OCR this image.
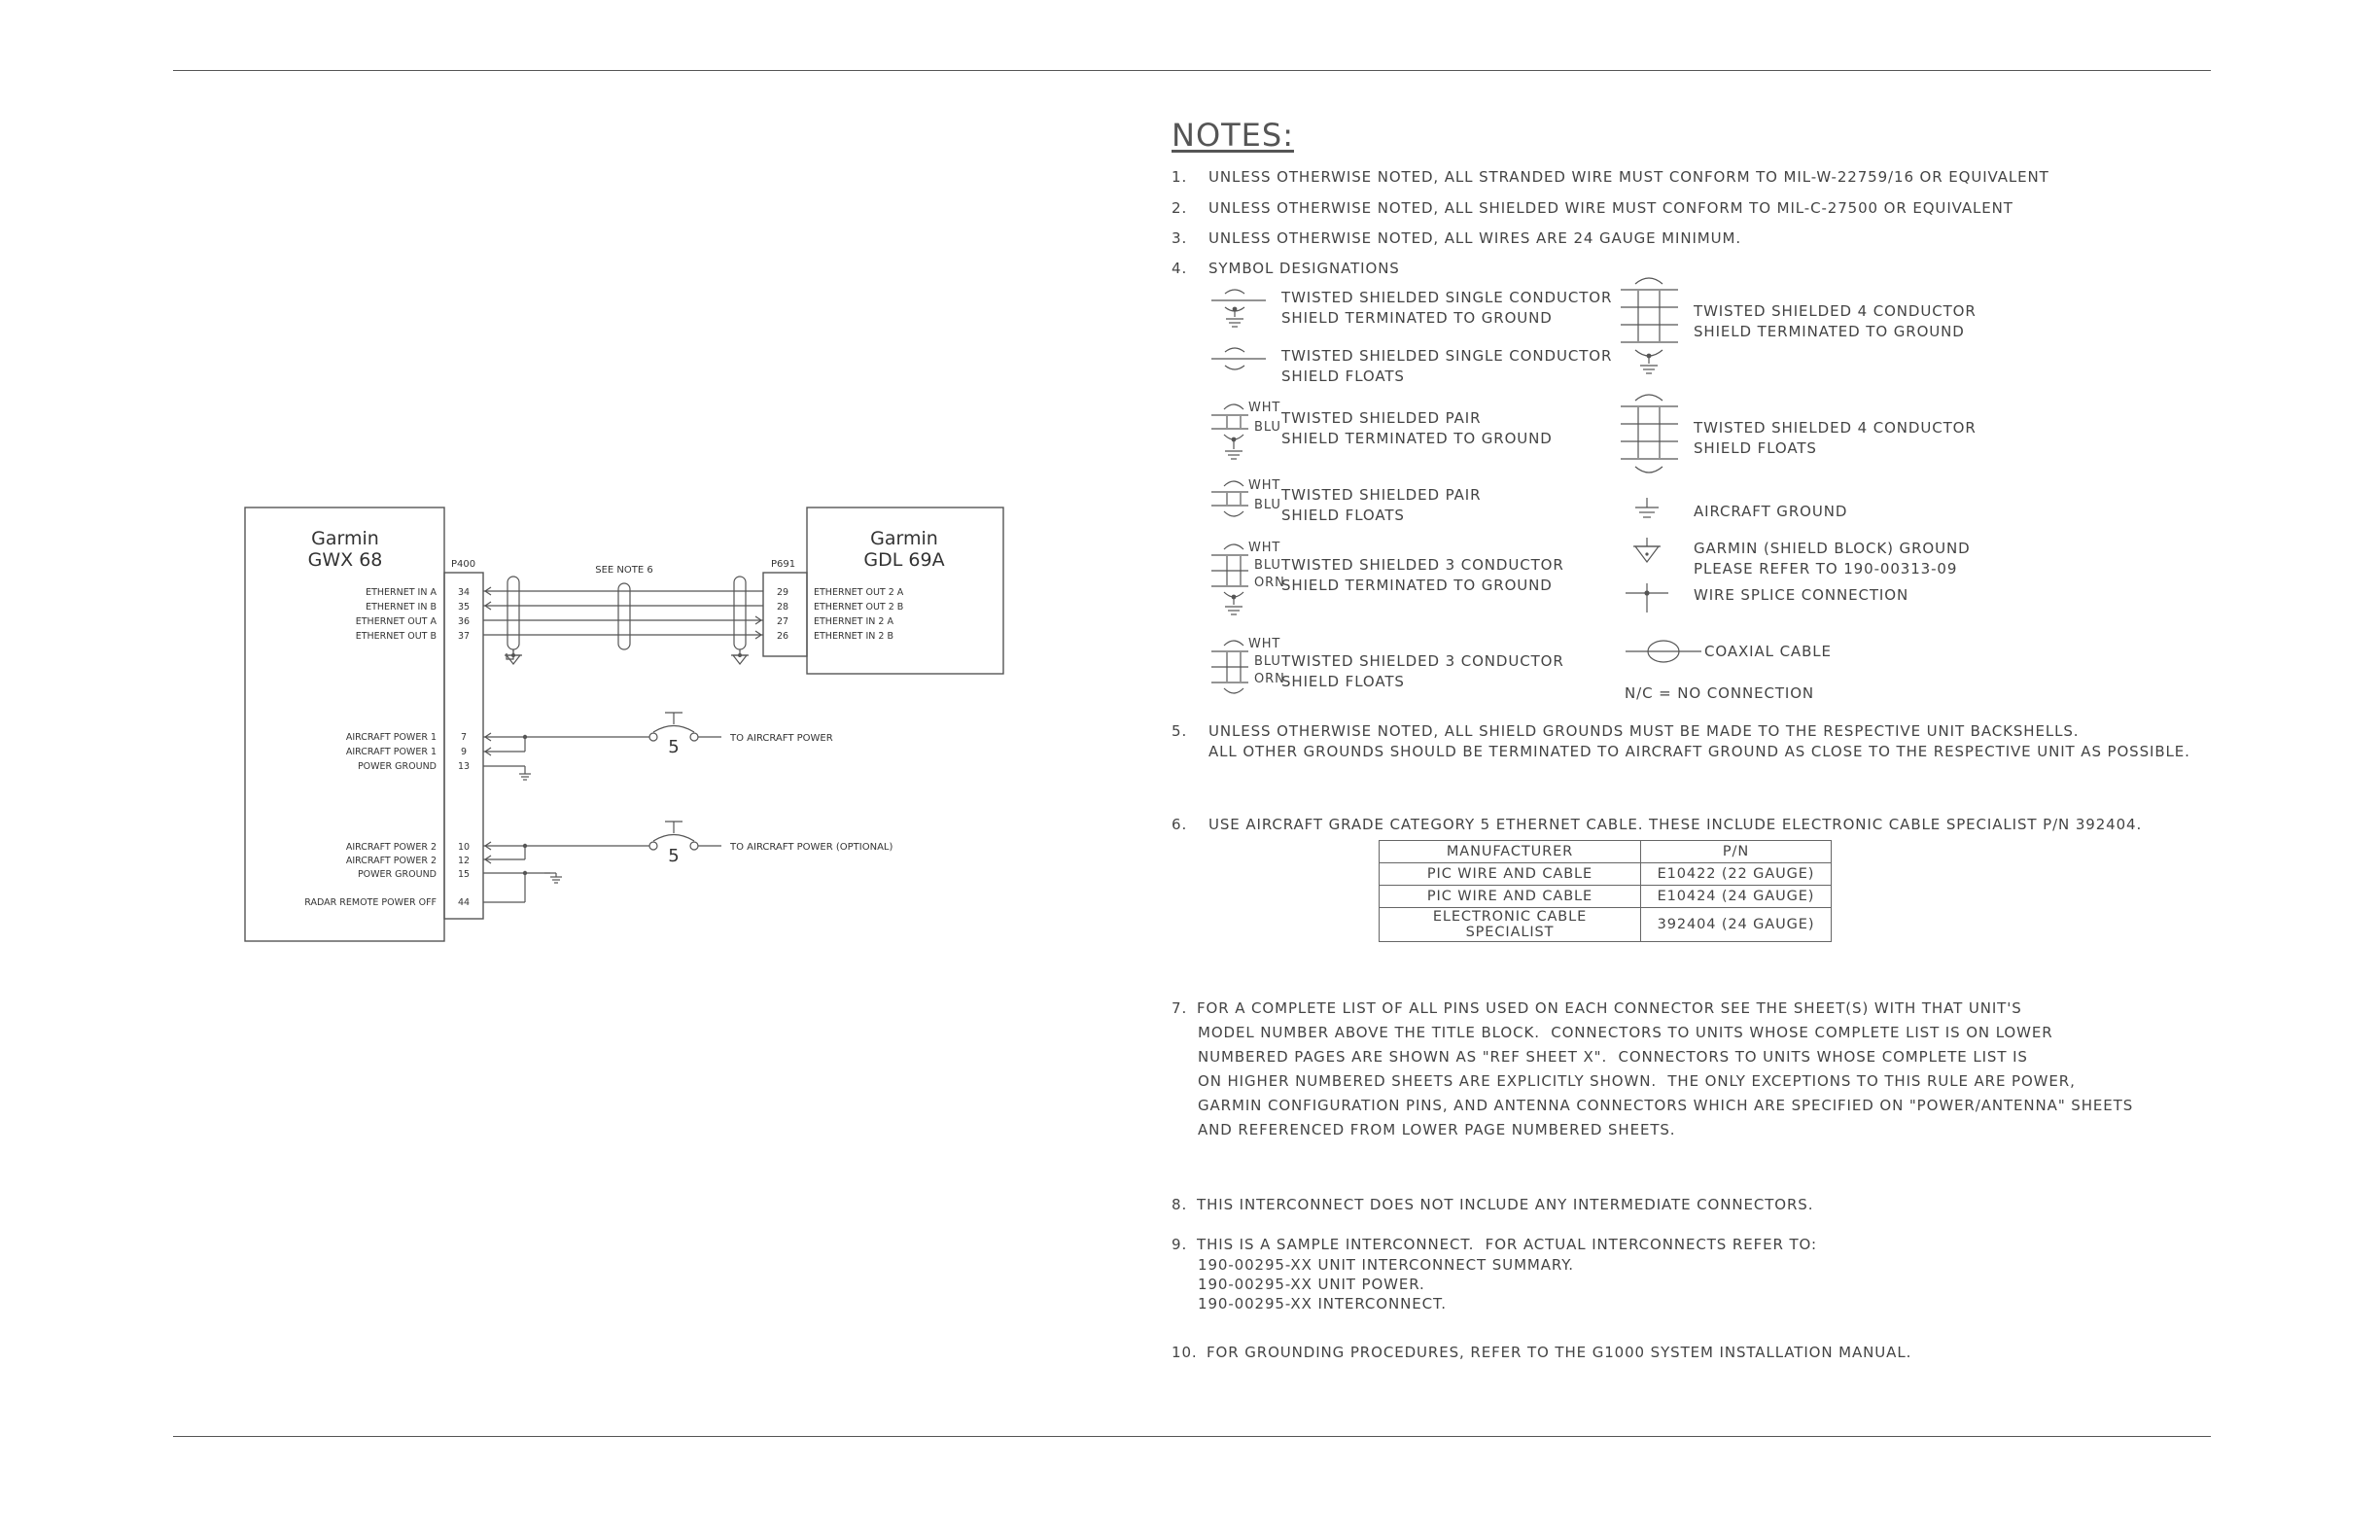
Garmin
GWX 68
Garmin
GDL 69A
P400	P691
SEE NOTE 6
ETHERNET IN A 34	29	ETHERNET OUT 2 A
ETHERNET IN B 35	28	ETHERNET OUT 2 B
ETHERNET OUT A 36	27	ETHERNET IN 2 A
ETHERNET OUT B 37	26	ETHERNET IN 2 B
AIRCRAFT POWER 1	7
AIRCRAFT POWER 1	9
POWER GROUND 13
5	TO AIRCRAFT POWER
AIRCRAFT POWER 2 10
AIRCRAFT POWER 2 12
POWER GROUND 15
RADAR REMOTE POWER OFF 44
5	TO AIRCRAFT POWER (OPTIONAL)
NOTES:
1. UNLESS OTHERWISE NOTED, ALL STRANDED WIRE MUST CONFORM TO MIL-W-22759/16 OR EQUIVALENT
2. UNLESS OTHERWISE NOTED, ALL SHIELDED WIRE MUST CONFORM TO MIL-C-27500 OR EQUIVALENT
3. UNLESS OTHERWISE NOTED, ALL WIRES ARE 24 GAUGE MINIMUM.
4. SYMBOL DESIGNATIONS
TWISTED SHIELDED SINGLE CONDUCTOR
SHIELD TERMINATED TO GROUND
TWISTED SHIELDED SINGLE CONDUCTOR
SHIELD FLOATS
TWISTED SHIELDED PAIR
SHIELD TERMINATED TO GROUND
TWISTED SHIELDED PAIR
SHIELD FLOATS
TWISTED SHIELDED 3 CONDUCTOR
SHIELD TERMINATED TO GROUND
TWISTED SHIELDED 3 CONDUCTOR
SHIELD FLOATS
WHT
BLU
WHT
BLU
WHT
BLU
ORN
WHT
BLU
ORN
TWISTED SHIELDED 4 CONDUCTOR
SHIELD TERMINATED TO GROUND
TWISTED SHIELDED 4 CONDUCTOR
SHIELD FLOATS
AIRCRAFT GROUND
GARMIN (SHIELD BLOCK) GROUND
PLEASE REFER TO 190-00313-09
WIRE SPLICE CONNECTION
COAXIAL CABLE
N/C = NO CONNECTION
5. UNLESS OTHERWISE NOTED, ALL SHIELD GROUNDS MUST BE MADE TO THE RESPECTIVE UNIT BACKSHELLS.
ALL OTHER GROUNDS SHOULD BE TERMINATED TO AIRCRAFT GROUND AS CLOSE TO THE RESPECTIVE UNIT AS POSSIBLE.
6. USE AIRCRAFT GRADE CATEGORY 5 ETHERNET CABLE. THESE INCLUDE ELECTRONIC CABLE SPECIALIST P/N 392404.
MANUFACTURER	P/N
PIC WIRE AND CABLE	E10422 (22 GAUGE)
PIC WIRE AND CABLE	E10424 (24 GAUGE)
ELECTRONIC CABLE SPECIALIST	392404 (24 GAUGE)
7. FOR A COMPLETE LIST OF ALL PINS USED ON EACH CONNECTOR SEE THE SHEET(S) WITH THAT UNIT'S
MODEL NUMBER ABOVE THE TITLE BLOCK.  CONNECTORS TO UNITS WHOSE COMPLETE LIST IS ON LOWER
NUMBERED PAGES ARE SHOWN AS "REF SHEET X".  CONNECTORS TO UNITS WHOSE COMPLETE LIST IS
ON HIGHER NUMBERED SHEETS ARE EXPLICITLY SHOWN.  THE ONLY EXCEPTIONS TO THIS RULE ARE POWER,
GARMIN CONFIGURATION PINS, AND ANTENNA CONNECTORS WHICH ARE SPECIFIED ON "POWER/ANTENNA" SHEETS
AND REFERENCED FROM LOWER PAGE NUMBERED SHEETS.
8. THIS INTERCONNECT DOES NOT INCLUDE ANY INTERMEDIATE CONNECTORS.
9. THIS IS A SAMPLE INTERCONNECT.  FOR ACTUAL INTERCONNECTS REFER TO:
190-00295-XX UNIT INTERCONNECT SUMMARY.
190-00295-XX UNIT POWER.
190-00295-XX INTERCONNECT.
10. FOR GROUNDING PROCEDURES, REFER TO THE G1000 SYSTEM INSTALLATION MANUAL.
